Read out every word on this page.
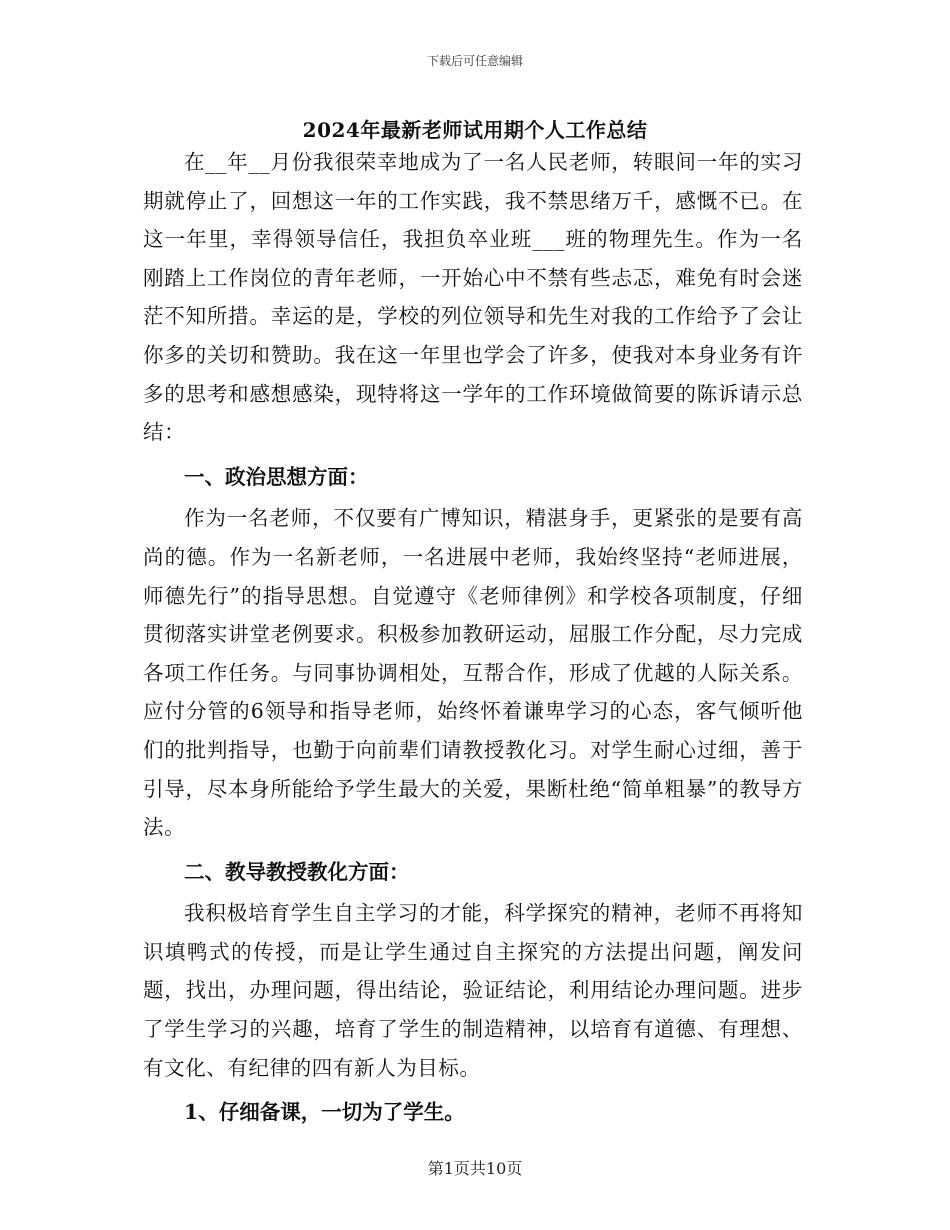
下载后可任意编辑
2024年最新老师试用期个人工作总结

在__年__月份我很荣幸地成为了一名人民老师，转眼间一年的实习期就停止了，回想这一年的工作实践，我不禁思绪万千，感慨不已。在这一年里，幸得领导信任，我担负卒业班___班的物理先生。作为一名刚踏上工作岗位的青年老师，一开始心中不禁有些忐忑，难免有时会迷茫不知所措。幸运的是，学校的列位领导和先生对我的工作给予了会让你多的关切和赞助。我在这一年里也学会了许多，使我对本身业务有许多的思考和感想感染，现特将这一学年的工作环境做简要的陈诉请示总结：

一、政治思想方面：

作为一名老师，不仅要有广博知识，精湛身手，更紧张的是要有高尚的德。作为一名新老师，一名进展中老师，我始终坚持“老师进展，师德先行”的指导思想。自觉遵守《老师律例》和学校各项制度，仔细贯彻落实讲堂老例要求。积极参加教研运动，屈服工作分配，尽力完成各项工作任务。与同事协调相处，互帮合作，形成了优越的人际关系。应付分管的6领导和指导老师，始终怀着谦卑学习的心态，客气倾听他们的批判指导，也勤于向前辈们请教授教化习。对学生耐心过细，善于引导，尽本身所能给予学生最大的关爱，果断杜绝“简单粗暴”的教导方法。

二、教导教授教化方面：

我积极培育学生自主学习的才能，科学探究的精神，老师不再将知识填鸭式的传授，而是让学生通过自主探究的方法提出问题，阐发问题，找出，办理问题，得出结论，验证结论，利用结论办理问题。进步了学生学习的兴趣，培育了学生的制造精神，以培育有道德、有理想、有文化、有纪律的四有新人为目标。

1、仔细备课，一切为了学生。

第1页共10页
